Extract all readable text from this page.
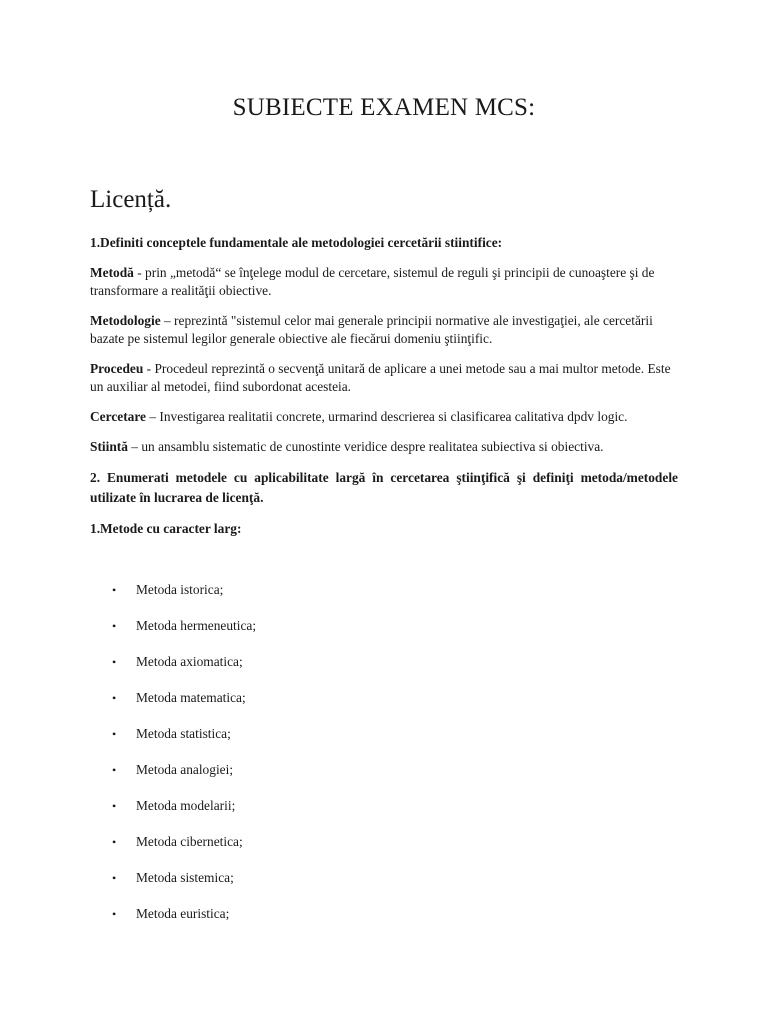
SUBIECTE EXAMEN MCS:
Licență.

1.Definiti conceptele fundamentale ale metodologiei cercetării stiintifice:

Metodă - prin „metodă“ se înţelege modul de cercetare, sistemul de reguli şi principii de cunoaştere şi de transformare a realităţii obiective.

Metodologie – reprezintă "sistemul celor mai generale principii normative ale investigaţiei, ale cercetării bazate pe sistemul legilor generale obiective ale fiecărui domeniu ştiinţific.

Procedeu - Procedeul reprezintă o secvenţă unitară de aplicare a unei metode sau a mai multor metode. Este un auxiliar al metodei, fiind subordonat acesteia.

Cercetare – Investigarea realitatii concrete, urmarind descrierea si clasificarea calitativa dpdv logic.

Stiintă – un ansamblu sistematic de cunostinte veridice despre realitatea subiectiva si obiectiva.

2. Enumerati metodele cu aplicabilitate largă în cercetarea ştiinţifică şi definiţi metoda/metodele utilizate în lucrarea de licenţă.

1.Metode cu caracter larg:

• Metoda istorica;
• Metoda hermeneutica;
• Metoda axiomatica;
• Metoda matematica;
• Metoda statistica;
• Metoda analogiei;
• Metoda modelarii;
• Metoda cibernetica;
• Metoda sistemica;
• Metoda euristica;
